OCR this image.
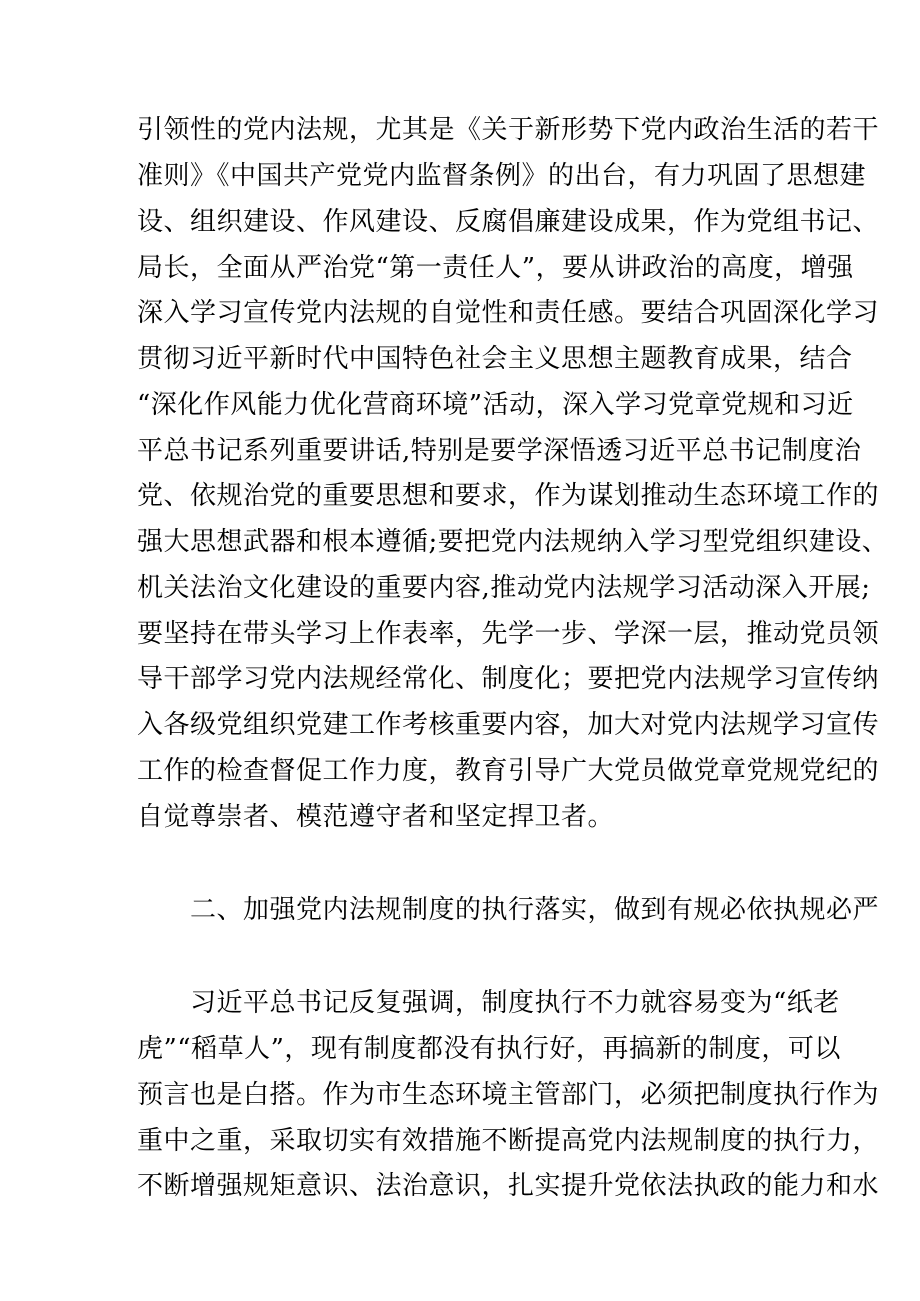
引领性的党内法规，尤其是《关于新形势下党内政治生活的若干
准则》《中国共产党党内监督条例》的出台，有力巩固了思想建
设、组织建设、作风建设、反腐倡廉建设成果，作为党组书记、
局长，全面从严治党“第一责任人”，要从讲政治的高度，增强
深入学习宣传党内法规的自觉性和责任感。要结合巩固深化学习
贯彻习近平新时代中国特色社会主义思想主题教育成果，结合
“深化作风能力优化营商环境”活动，深入学习党章党规和习近
平总书记系列重要讲话,特别是要学深悟透习近平总书记制度治
党、依规治党的重要思想和要求，作为谋划推动生态环境工作的
强大思想武器和根本遵循;要把党内法规纳入学习型党组织建设、
机关法治文化建设的重要内容,推动党内法规学习活动深入开展;
要坚持在带头学习上作表率，先学一步、学深一层，推动党员领
导干部学习党内法规经常化、制度化；要把党内法规学习宣传纳
入各级党组织党建工作考核重要内容，加大对党内法规学习宣传
工作的检查督促工作力度，教育引导广大党员做党章党规党纪的
自觉尊崇者、模范遵守者和坚定捍卫者。
二、加强党内法规制度的执行落实，做到有规必依执规必严
习近平总书记反复强调，制度执行不力就容易变为“纸老
虎”“稻草人”，现有制度都没有执行好，再搞新的制度，可以
预言也是白搭。作为市生态环境主管部门，必须把制度执行作为
重中之重，采取切实有效措施不断提高党内法规制度的执行力，
不断增强规矩意识、法治意识，扎实提升党依法执政的能力和水
